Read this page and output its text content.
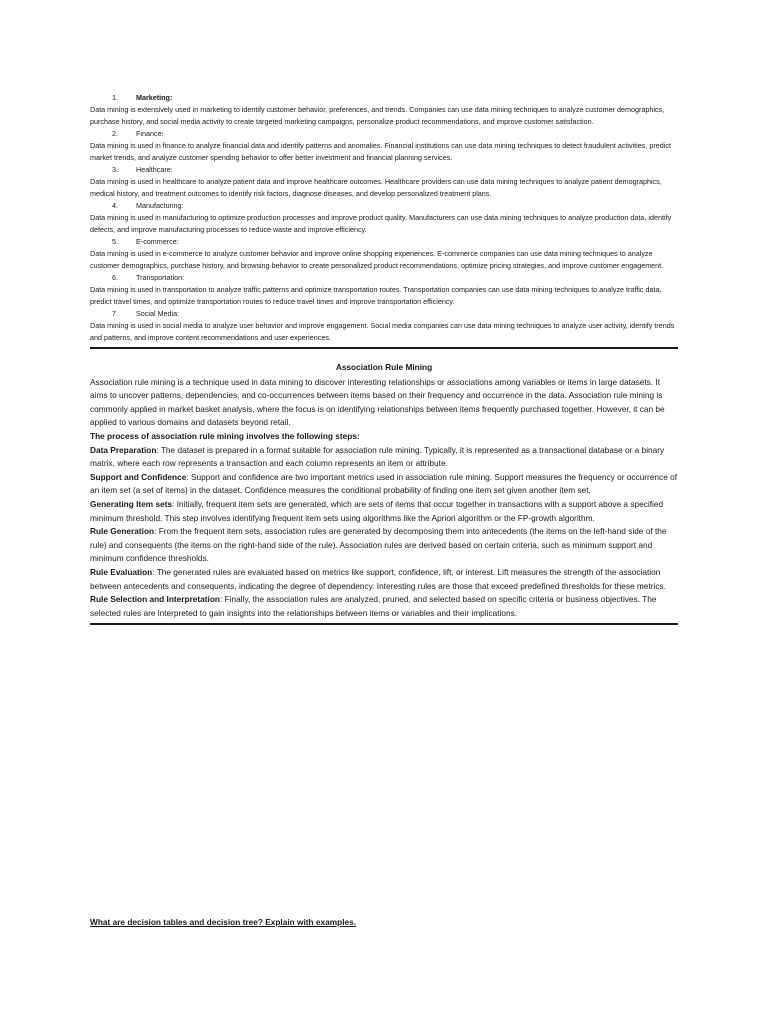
1.	Marketing:
Data mining is extensively used in marketing to identify customer behavior, preferences, and trends. Companies can use data mining techniques to analyze customer demographics, purchase history, and social media activity to create targeted marketing campaigns, personalize product recommendations, and improve customer satisfaction.
2.	Finance:
Data mining is used in finance to analyze financial data and identify patterns and anomalies. Financial institutions can use data mining techniques to detect fraudulent activities, predict market trends, and analyze customer spending behavior to offer better investment and financial planning services.
3.	Healthcare:
Data mining is used in healthcare to analyze patient data and improve healthcare outcomes. Healthcare providers can use data mining techniques to analyze patient demographics, medical history, and treatment outcomes to identify risk factors, diagnose diseases, and develop personalized treatment plans.
4.	Manufacturing:
Data mining is used in manufacturing to optimize production processes and improve product quality. Manufacturers can use data mining techniques to analyze production data, identify defects, and improve manufacturing processes to reduce waste and improve efficiency.
5.	E-commerce:
Data mining is used in e-commerce to analyze customer behavior and improve online shopping experiences. E-commerce companies can use data mining techniques to analyze customer demographics, purchase history, and browsing behavior to create personalized product recommendations, optimize pricing strategies, and improve customer engagement.
6.	Transportation:
Data mining is used in transportation to analyze traffic patterns and optimize transportation routes. Transportation companies can use data mining techniques to analyze traffic data, predict travel times, and optimize transportation routes to reduce travel times and improve transportation efficiency.
7.	Social Media:
Data mining is used in social media to analyze user behavior and improve engagement. Social media companies can use data mining techniques to analyze user activity, identify trends and patterns, and improve content recommendations and user experiences.
Association Rule Mining

Association rule mining is a technique used in data mining to discover interesting relationships or associations among variables or items in large datasets. It aims to uncover patterns, dependencies, and co-occurrences between items based on their frequency and occurrence in the data. Association rule mining is commonly applied in market basket analysis, where the focus is on identifying relationships between items frequently purchased together. However, it can be applied to various domains and datasets beyond retail.

The process of association rule mining involves the following steps:

Data Preparation: The dataset is prepared in a format suitable for association rule mining. Typically, it is represented as a transactional database or a binary matrix, where each row represents a transaction and each column represents an item or attribute.

Support and Confidence: Support and confidence are two important metrics used in association rule mining. Support measures the frequency or occurrence of an item set (a set of items) in the dataset. Confidence measures the conditional probability of finding one item set given another item set.

Generating Item sets: Initially, frequent item sets are generated, which are sets of items that occur together in transactions with a support above a specified minimum threshold. This step involves identifying frequent item sets using algorithms like the Apriori algorithm or the FP-growth algorithm.

Rule Generation: From the frequent item sets, association rules are generated by decomposing them into antecedents (the items on the left-hand side of the rule) and consequents (the items on the right-hand side of the rule). Association rules are derived based on certain criteria, such as minimum support and minimum confidence thresholds.

Rule Evaluation: The generated rules are evaluated based on metrics like support, confidence, lift, or interest. Lift measures the strength of the association between antecedents and consequents, indicating the degree of dependency. Interesting rules are those that exceed predefined thresholds for these metrics.

Rule Selection and Interpretation: Finally, the association rules are analyzed, pruned, and selected based on specific criteria or business objectives. The selected rules are interpreted to gain insights into the relationships between items or variables and their implications.

What are decision tables and decision tree? Explain with examples.
